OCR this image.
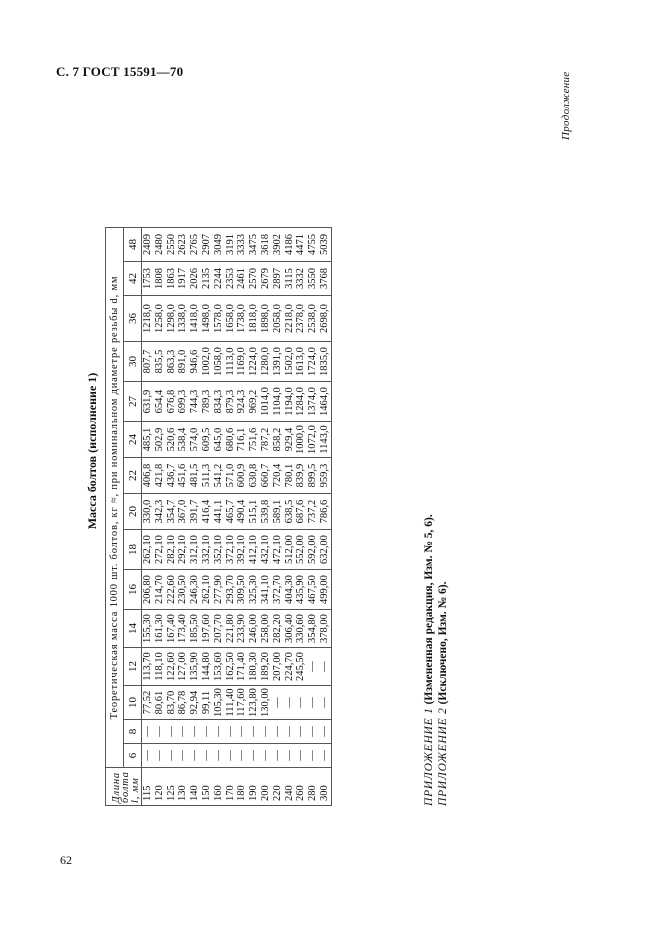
С. 7 ГОСТ 15591—70	Продолжение
Масса болтов (исполнение 1)
Длина
болта
l, мм	Теоретическая масса 1000 шт. болтов, кг ≈, при номинальном диаметре резьбы d, мм														
	6	8	10	12	14	16	18	20	22	24	27	30	36	42	48
115	—	—	77,52	113,70	155,30	206,80	262,10	330,0	406,8	485,1	631,9	807,7	1218,0	1753	2409
120	—	—	80,61	118,10	161,30	214,70	272,10	342,3	421,8	502,9	654,4	835,5	1258,0	1808	2480
125	—	—	83,70	122,60	167,40	222,60	282,10	354,7	436,7	520,6	676,8	863,3	1298,0	1863	2550
130	—	—	86,78	127,00	173,40	230,50	292,10	367,0	451,6	538,4	699,3	891,0	1338,0	1917	2623
140	—	—	92,94	135,90	185,50	246,30	312,10	391,7	481,5	574,0	744,3	946,6	1418,0	2026	2765
150	—	—	99,11	144,80	197,60	262,10	332,10	416,4	511,3	609,5	789,3	1002,0	1498,0	2135	2907
160	—	—	105,30	153,60	207,70	277,90	352,10	441,1	541,2	645,0	834,3	1058,0	1578,0	2244	3049
170	—	—	111,40	162,50	221,80	293,70	372,10	465,7	571,0	680,6	879,3	1113,0	1658,0	2353	3191
180	—	—	117,60	171,40	233,90	309,50	392,10	490,4	600,9	716,1	924,3	1169,0	1738,0	2461	3333
190	—	—	123,80	180,30	246,00	325,30	412,10	515,1	630,8	751,6	969,2	1224,0	1818,0	2570	3475
200	—	—	130,00	189,20	258,00	341,10	432,10	539,8	660,7	787,2	1014,0	1280,0	1898,0	2679	3618
220	—	—	—	207,00	282,20	372,70	472,10	589,1	720,4	858,2	1104,0	1391,0	2058,0	2897	3902
240	—	—	—	224,70	306,40	404,30	512,00	638,5	780,1	929,4	1194,0	1502,0	2218,0	3115	4186
260	—	—	—	245,50	330,60	435,90	552,00	687,6	839,9	1000,0	1284,0	1613,0	2378,0	3332	4471
280	—	—	—	—	354,80	467,50	592,00	737,2	899,5	1072,0	1374,0	1724,0	2538,0	3550	4755
300	—	—	—	—	378,00	499,00	632,00	786,6	959,3	1143,0	1464,0	1835,0	2698,0	3768	5039
ПРИЛОЖЕНИЕ 1 (Измененная редакция, Изм. № 5, 6).
ПРИЛОЖЕНИЕ 2 (Исключено, Изм. № 6).
62
